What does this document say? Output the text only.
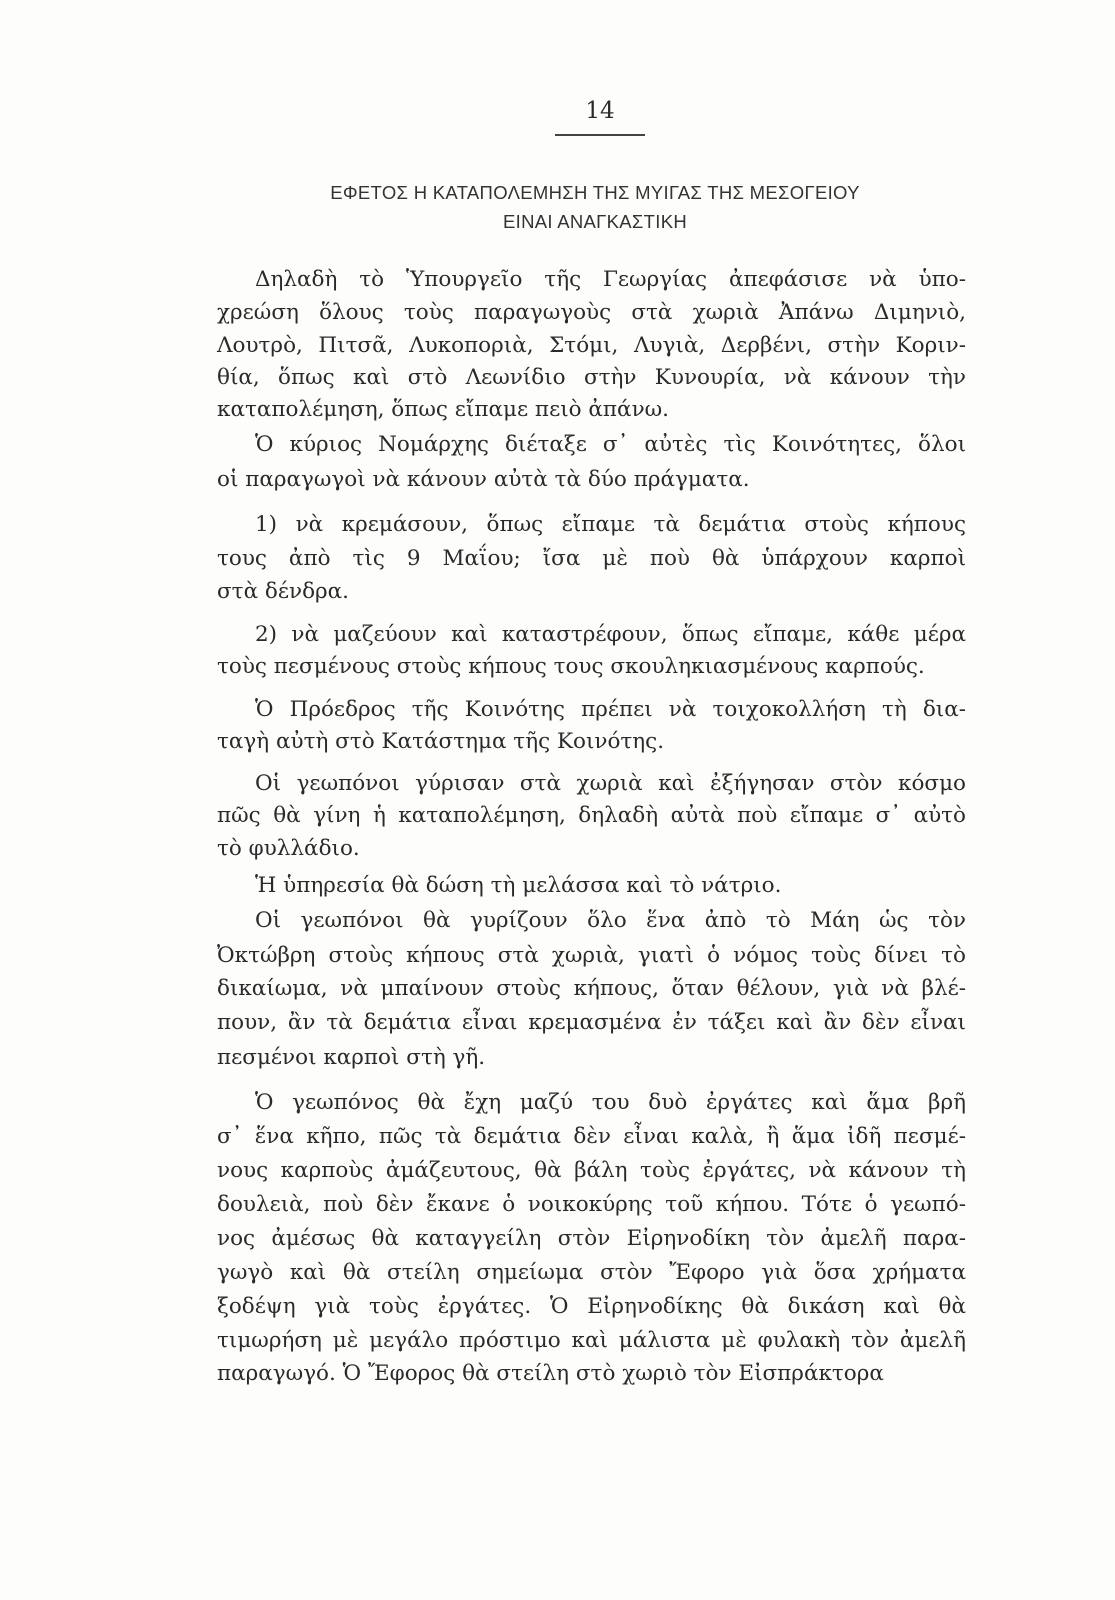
14
ΕΦΕΤΟΣ Η ΚΑΤΑΠΟΛΕΜΗΣΗ ΤΗΣ ΜΥΙΓΑΣ ΤΗΣ ΜΕΣΟΓΕΙΟΥ
ΕΙΝΑΙ ΑΝΑΓΚΑΣΤΙΚΗ
Δηλαδὴ τὸ Ὑπουργεῖο τῆς Γεωργίας ἀπεφάσισε νὰ ὑπο-
χρεώση ὅλους τοὺς παραγωγοὺς στὰ χωριὰ Ἀπάνω Διμηνιὸ,
Λουτρὸ, Πιτσᾶ, Λυκοποριὰ, Στόμι, Λυγιὰ, Δερβένι, στὴν Κοριν-
θία, ὅπως καὶ στὸ Λεωνίδιο στὴν Κυνουρία, νὰ κάνουν τὴν
καταπολέμηση, ὅπως εἴπαμε πειὸ ἀπάνω.
Ὁ κύριος Νομάρχης διέταξε σ᾽ αὐτὲς τὶς Κοινότητες, ὅλοι
οἱ παραγωγοὶ νὰ κάνουν αὐτὰ τὰ δύο πράγματα.
1) νὰ κρεμάσουν, ὅπως εἴπαμε τὰ δεμάτια στοὺς κήπους
τους ἀπὸ τὶς 9 Μαΐου; ἴσα μὲ ποὺ θὰ ὑπάρχουν καρποὶ
στὰ δένδρα.
2) νὰ μαζεύουν καὶ καταστρέφουν, ὅπως εἴπαμε, κάθε μέρα
τοὺς πεσμένους στοὺς κήπους τους σκουληκιασμένους καρπούς.
Ὁ Πρόεδρος τῆς Κοινότης πρέπει νὰ τοιχοκολλήση τὴ δια-
ταγὴ αὐτὴ στὸ Κατάστημα τῆς Κοινότης.
Οἱ γεωπόνοι γύρισαν στὰ χωριὰ καὶ ἐξήγησαν στὸν κόσμο
πῶς θὰ γίνη ἡ καταπολέμηση, δηλαδὴ αὐτὰ ποὺ εἴπαμε σ᾽ αὐτὸ
τὸ φυλλάδιο.
Ἡ ὑπηρεσία θὰ δώση τὴ μελάσσα καὶ τὸ νάτριο.
Οἱ γεωπόνοι θὰ γυρίζουν ὅλο ἕνα ἀπὸ τὸ Μάη ὡς τὸν
Ὀκτώβρη στοὺς κήπους στὰ χωριὰ, γιατὶ ὁ νόμος τοὺς δίνει τὸ
δικαίωμα, νὰ μπαίνουν στοὺς κήπους, ὅταν θέλουν, γιὰ νὰ βλέ-
πουν, ἂν τὰ δεμάτια εἶναι κρεμασμένα ἐν τάξει καὶ ἂν δὲν εἶναι
πεσμένοι καρποὶ στὴ γῆ.
Ὁ γεωπόνος θὰ ἔχη μαζύ του δυὸ ἐργάτες καὶ ἅμα βρῆ
σ᾽ ἕνα κῆπο, πῶς τὰ δεμάτια δὲν εἶναι καλὰ, ἢ ἅμα ἰδῆ πεσμέ-
νους καρποὺς ἀμάζευτους, θὰ βάλη τοὺς ἐργάτες, νὰ κάνουν τὴ
δουλειὰ, ποὺ δὲν ἔκανε ὁ νοικοκύρης τοῦ κήπου. Τότε ὁ γεωπό-
νος ἀμέσως θὰ καταγγείλη στὸν Εἰρηνοδίκη τὸν ἀμελῆ παρα-
γωγὸ καὶ θὰ στείλη σημείωμα στὸν Ἔφορο γιὰ ὅσα χρήματα
ξοδέψη γιὰ τοὺς ἐργάτες. Ὁ Εἰρηνοδίκης θὰ δικάση καὶ θὰ
τιμωρήση μὲ μεγάλο πρόστιμο καὶ μάλιστα μὲ φυλακὴ τὸν ἀμελῆ
παραγωγό. Ὁ Ἔφορος θὰ στείλη στὸ χωριὸ τὸν Εἰσπράκτορα
